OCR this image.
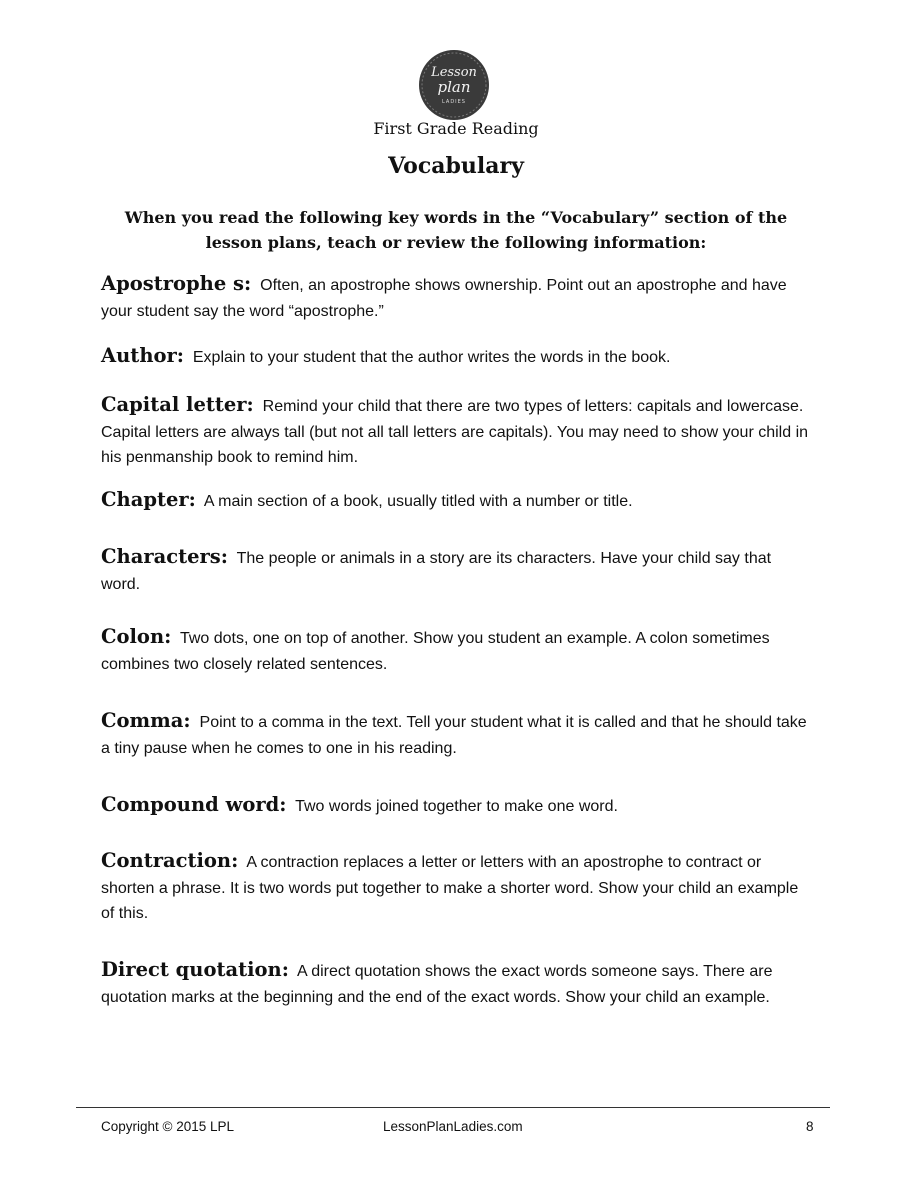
Lesson
plan
LADIES
First Grade Reading
Vocabulary
When you read the following key words in the “Vocabulary” section of the lesson plans, teach or review the following information:
Apostrophe s: Often, an apostrophe shows ownership. Point out an apostrophe and have your student say the word “apostrophe.”
Author: Explain to your student that the author writes the words in the book.
Capital letter: Remind your child that there are two types of letters: capitals and lowercase. Capital letters are always tall (but not all tall letters are capitals). You may need to show your child in his penmanship book to remind him.
Chapter: A main section of a book, usually titled with a number or title.
Characters: The people or animals in a story are its characters. Have your child say that word.
Colon: Two dots, one on top of another. Show you student an example. A colon sometimes combines two closely related sentences.
Comma: Point to a comma in the text. Tell your student what it is called and that he should take a tiny pause when he comes to one in his reading.
Compound word: Two words joined together to make one word.
Contraction: A contraction replaces a letter or letters with an apostrophe to contract or shorten a phrase. It is two words put together to make a shorter word. Show your child an example of this.
Direct quotation: A direct quotation shows the exact words someone says. There are quotation marks at the beginning and the end of the exact words. Show your child an example.
Copyright © 2015 LPL	LessonPlanLadies.com	8
